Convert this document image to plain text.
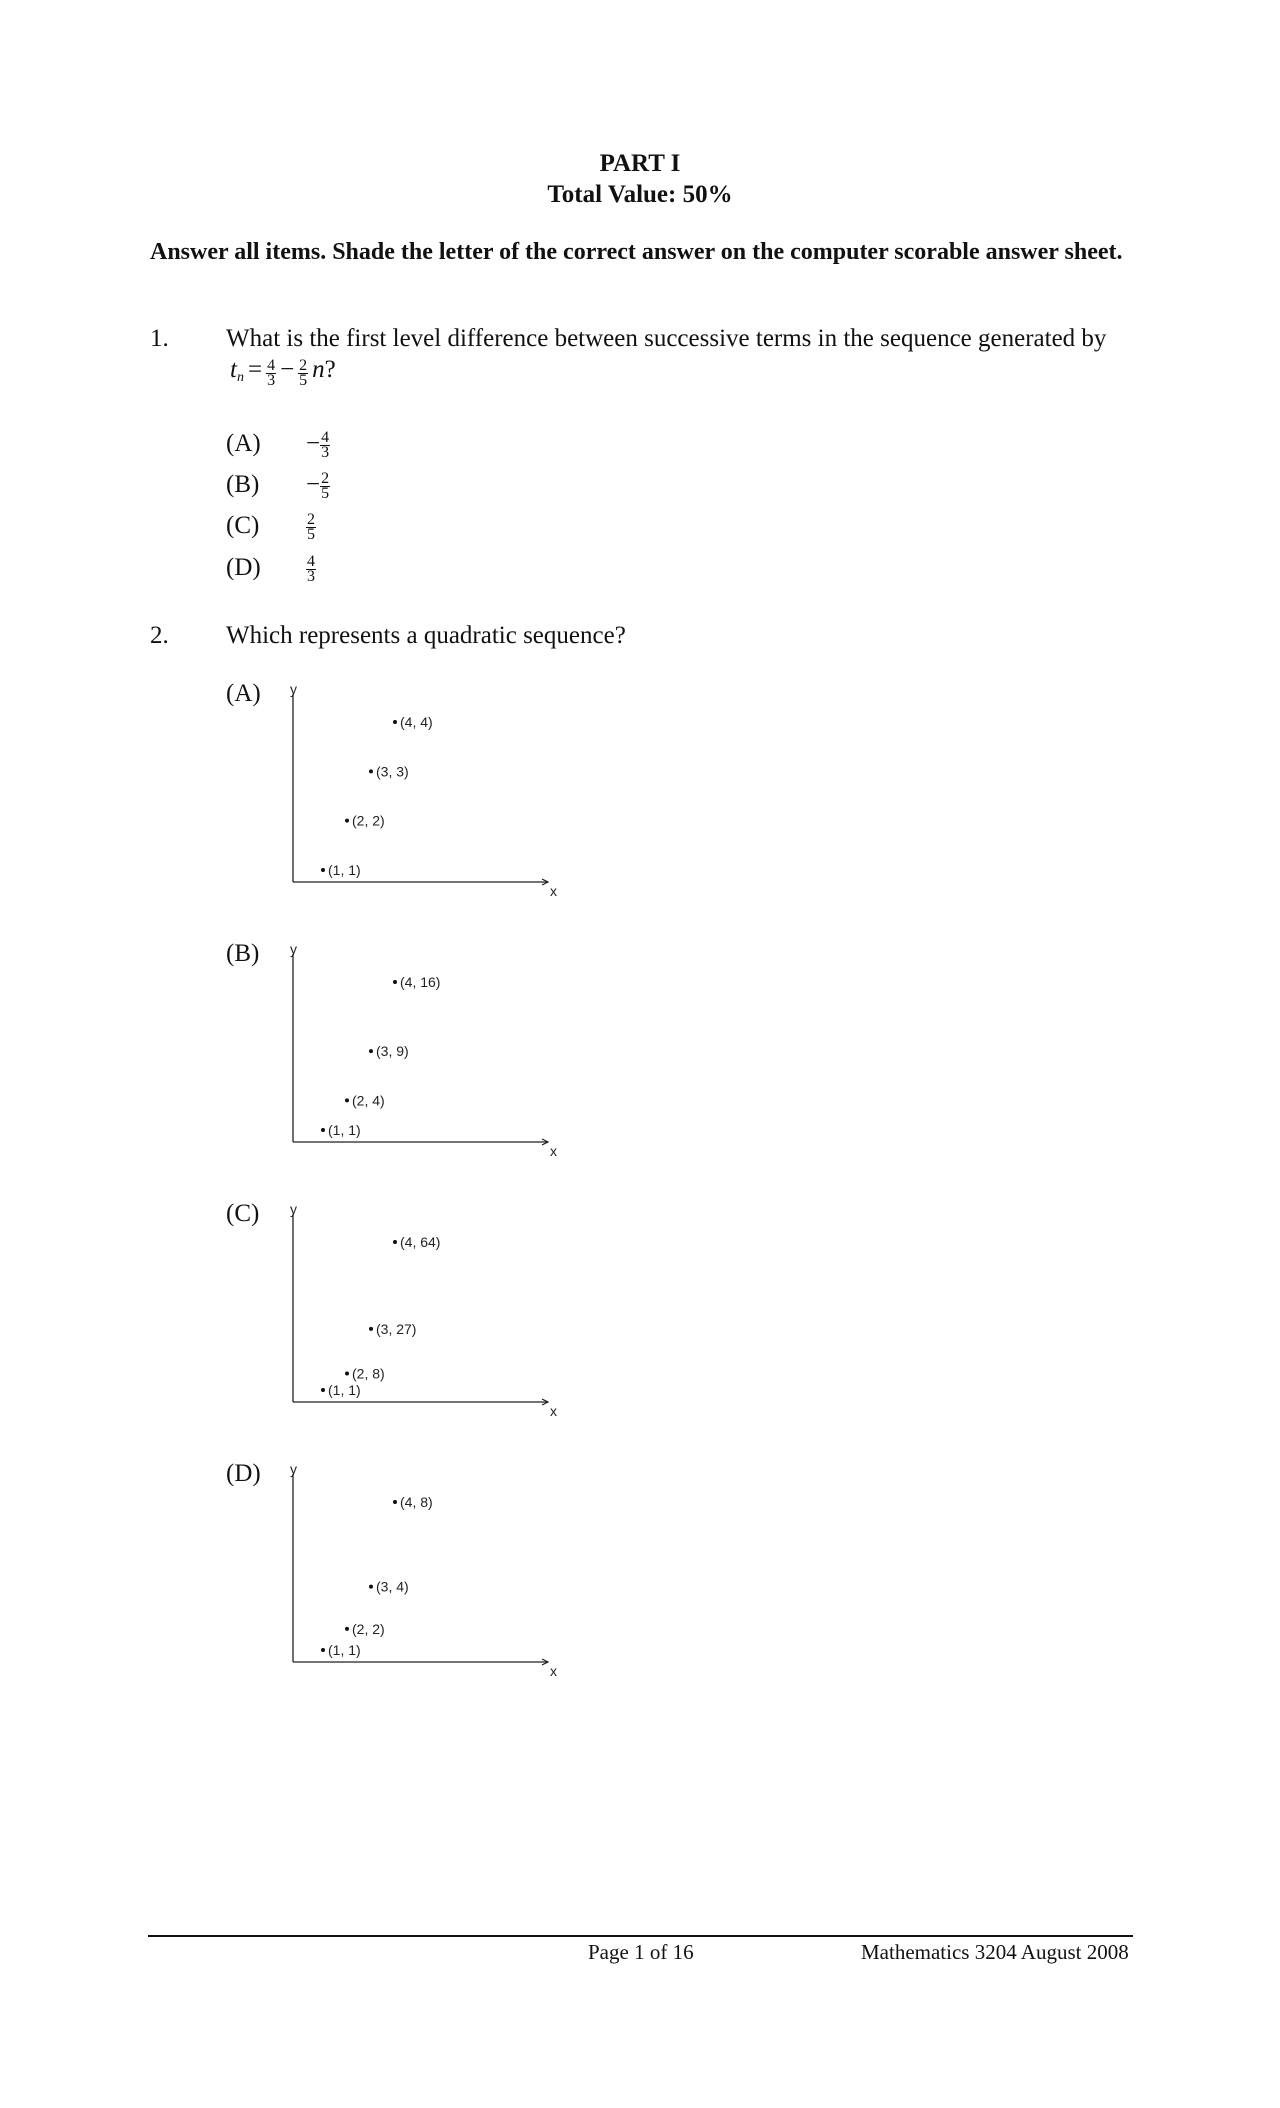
PART I
Total Value: 50%
Answer all items. Shade the letter of the correct answer on the computer scorable answer sheet.
1. What is the first level difference between successive terms in the sequence generated by
$t_n = \frac{4}{3} - \frac{2}{5} n$?
$(A) - \frac{4}{3}$
$(B) - \frac{2}{5}$
(C)	$\frac{2}{5}$
(D)	$\frac{4}{3}$
2. Which represents a quadratic sequence?
(A)
(B)
(C)
(D)
x
y
(1, 1)
(2, 2)
(3, 3)
(4, 4)
x
y
(1, 1)
(2, 4)
(3, 9)
(4, 16)
x
y
(1, 1)
(2, 8)
(3, 27)
(4, 64)
x
y
(1, 1)
(2, 2)
(3, 4)
(4, 8)
Page 1 of 16	Mathematics 3204 August 2008
